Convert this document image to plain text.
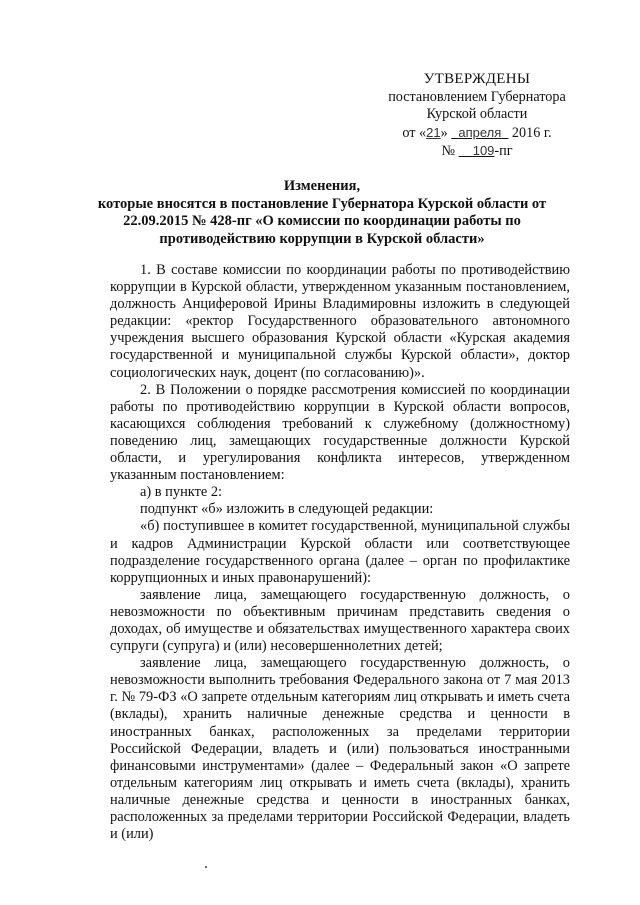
УТВЕРЖДЕНЫ
постановлением Губернатора
Курской области
от «21» апреля 2016 г.
№ 109-пг
Изменения,
которые вносятся в постановление Губернатора Курской области от
22.09.2015 № 428-пг «О комиссии по координации работы по
противодействию коррупции в Курской области»

1. В составе комиссии по координации работы по противодействию коррупции в Курской области, утвержденном указанным постановлением, должность Анциферовой Ирины Владимировны изложить в следующей редакции: «ректор Государственного образовательного автономного учреждения высшего образования Курской области «Курская академия государственной и муниципальной службы Курской области», доктор социологических наук, доцент (по согласованию)».

2. В Положении о порядке рассмотрения комиссией по координации работы по противодействию коррупции в Курской области вопросов, касающихся соблюдения требований к служебному (должностному) поведению лиц, замещающих государственные должности Курской области, и урегулирования конфликта интересов, утвержденном указанным постановлением:

а) в пункте 2:

подпункт «б» изложить в следующей редакции:

«б) поступившее в комитет государственной, муниципальной службы и кадров Администрации Курской области или соответствующее подразделение государственного органа (далее – орган по профилактике коррупционных и иных правонарушений):

заявление лица, замещающего государственную должность, о невозможности по объективным причинам представить сведения о доходах, об имуществе и обязательствах имущественного характера своих супруги (супруга) и (или) несовершеннолетних детей;

заявление лица, замещающего государственную должность, о невозможности выполнить требования Федерального закона от 7 мая 2013 г. № 79-ФЗ «О запрете отдельным категориям лиц открывать и иметь счета (вклады), хранить наличные денежные средства и ценности в иностранных банках, расположенных за пределами территории Российской Федерации, владеть и (или) пользоваться иностранными финансовыми инструментами» (далее – Федеральный закон «О запрете отдельным категориям лиц открывать и иметь счета (вклады), хранить наличные денежные средства и ценности в иностранных банках, расположенных за пределами территории Российской Федерации, владеть и (или)
